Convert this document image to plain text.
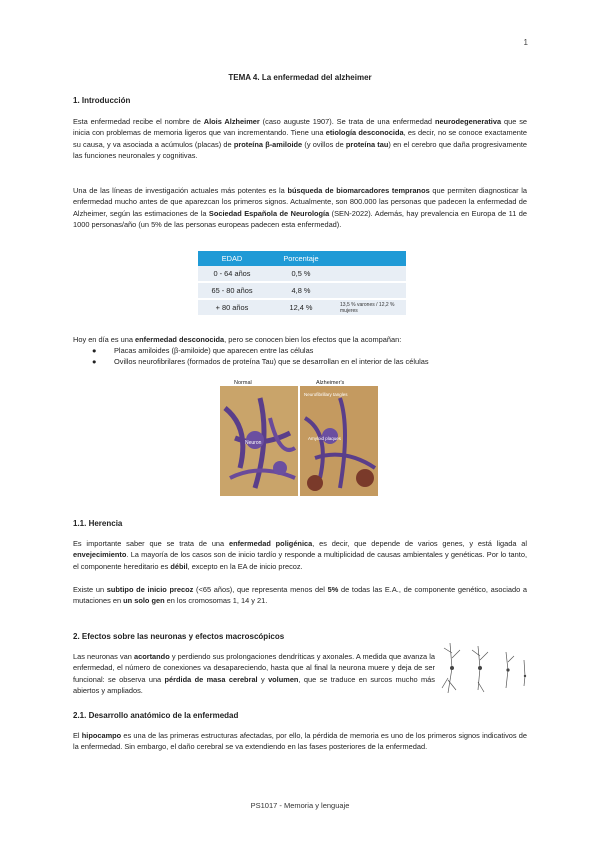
1
TEMA 4. La enfermedad del alzheimer
1. Introducción
Esta enfermedad recibe el nombre de Alois Alzheimer (caso auguste 1907). Se trata de una enfermedad neurodegenerativa que se inicia con problemas de memoria ligeros que van incrementando. Tiene una etiología desconocida, es decir, no se conoce exactamente su causa, y va asociada a acúmulos (placas) de proteína β-amiloide (y ovillos de proteína tau) en el cerebro que daña progresivamente las funciones neuronales y cognitivas.
Una de las líneas de investigación actuales más potentes es la búsqueda de biomarcadores tempranos que permiten diagnosticar la enfermedad mucho antes de que aparezcan los primeros signos. Actualmente, son 800.000 las personas que padecen la enfermedad de Alzheimer, según las estimaciones de la Sociedad Española de Neurología (SEN-2022). Además, hay prevalencia en Europa de 11 de 1000 personas/año (un 5% de las personas europeas padecen esta enfermedad).
EDAD	Porcentaje	
0 - 64 años	0,5 %	
65 - 80 años	4,8 %	
+ 80 años	12,4 %	13,5 % varones / 12,2 % mujeres
Hoy en día es una enfermedad desconocida, pero se conocen bien los efectos que la acompañan:
● Placas amiloides (β-amiloide) que aparecen entre las células
● Ovillos neurofibrilares (formados de proteína Tau) que se desarrollan en el interior de las células
Normal	Alzheimer's
Neuron
Neurofibrillary tangles
Amyloid plaques
1.1. Herencia
Es importante saber que se trata de una enfermedad poligénica, es decir, que depende de varios genes, y está ligada al envejecimiento. La mayoría de los casos son de inicio tardío y responde a multiplicidad de causas ambientales y genéticas. Por lo tanto, el componente hereditario es débil, excepto en la EA de inicio precoz.
Existe un subtipo de inicio precoz (<65 años), que representa menos del 5% de todas las E.A., de componente genético, asociado a mutaciones en un solo gen en los cromosomas 1, 14 y 21.
2. Efectos sobre las neuronas y efectos macroscópicos
Las neuronas van acortando y perdiendo sus prolongaciones dendríticas y axonales. A medida que avanza la enfermedad, el número de conexiones va desapareciendo, hasta que al final la neurona muere y deja de ser funcional: se observa una pérdida de masa cerebral y volumen, que se traduce en surcos mucho más abiertos y ampliados.
2.1. Desarrollo anatómico de la enfermedad
El hipocampo es una de las primeras estructuras afectadas, por ello, la pérdida de memoria es uno de los primeros signos indicativos de la enfermedad. Sin embargo, el daño cerebral se va extendiendo en las fases posteriores de la enfermedad.
PS1017 - Memoria y lenguaje
